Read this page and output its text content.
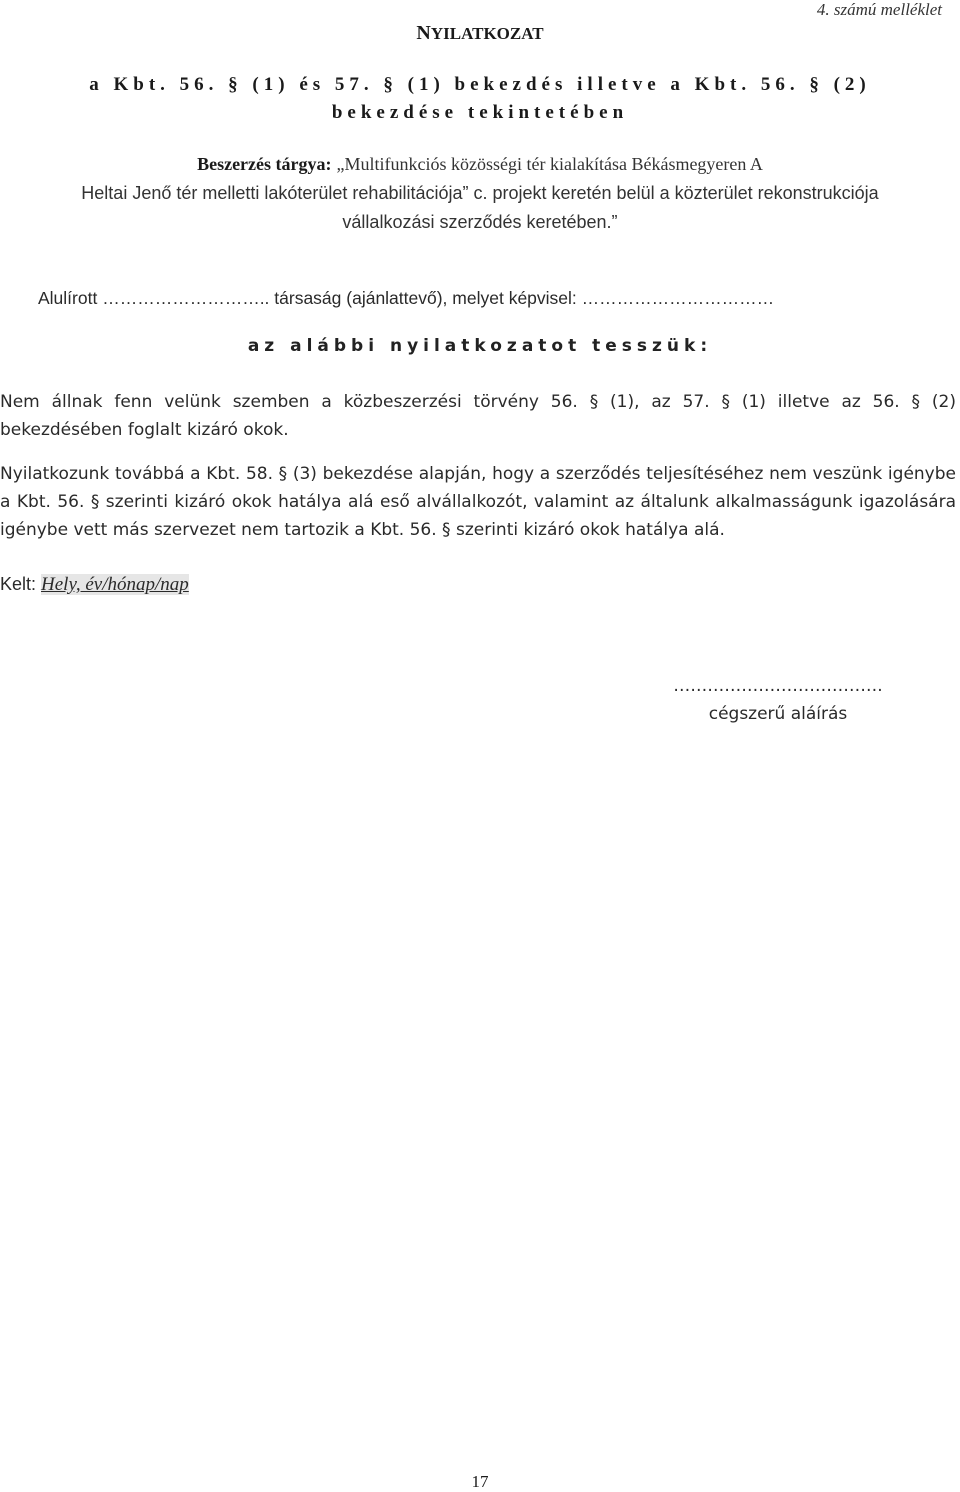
4. számú melléklet
NYILATKOZAT
a Kbt. 56. § (1) és 57. § (1) bekezdés illetve a Kbt. 56. § (2)
bekezdése tekintetében
Beszerzés tárgya: „Multifunkciós közösségi tér kialakítása Békásmegyeren A
Heltai Jenő tér melletti lakóterület rehabilitációja” c. projekt keretén belül a közterület rekonstrukciója
vállalkozási szerződés keretében.”
Alulírott ……………………….. társaság (ajánlattevő), melyet képvisel: ……………………………
az alábbi nyilatkozatot tesszük:
Nem állnak fenn velünk szemben a közbeszerzési törvény 56. § (1), az 57. § (1) illetve az 56. § (2) bekezdésében foglalt kizáró okok.
Nyilatkozunk továbbá a Kbt. 58. § (3) bekezdése alapján, hogy a szerződés teljesítéséhez nem veszünk igénybe a Kbt. 56. § szerinti kizáró okok hatálya alá eső alvállalkozót, valamint az általunk alkalmasságunk igazolására igénybe vett más szervezet nem tartozik a Kbt. 56. § szerinti kizáró okok hatálya alá.
Kelt: Hely, év/hónap/nap
……………………………….
cégszerű aláírás
17
